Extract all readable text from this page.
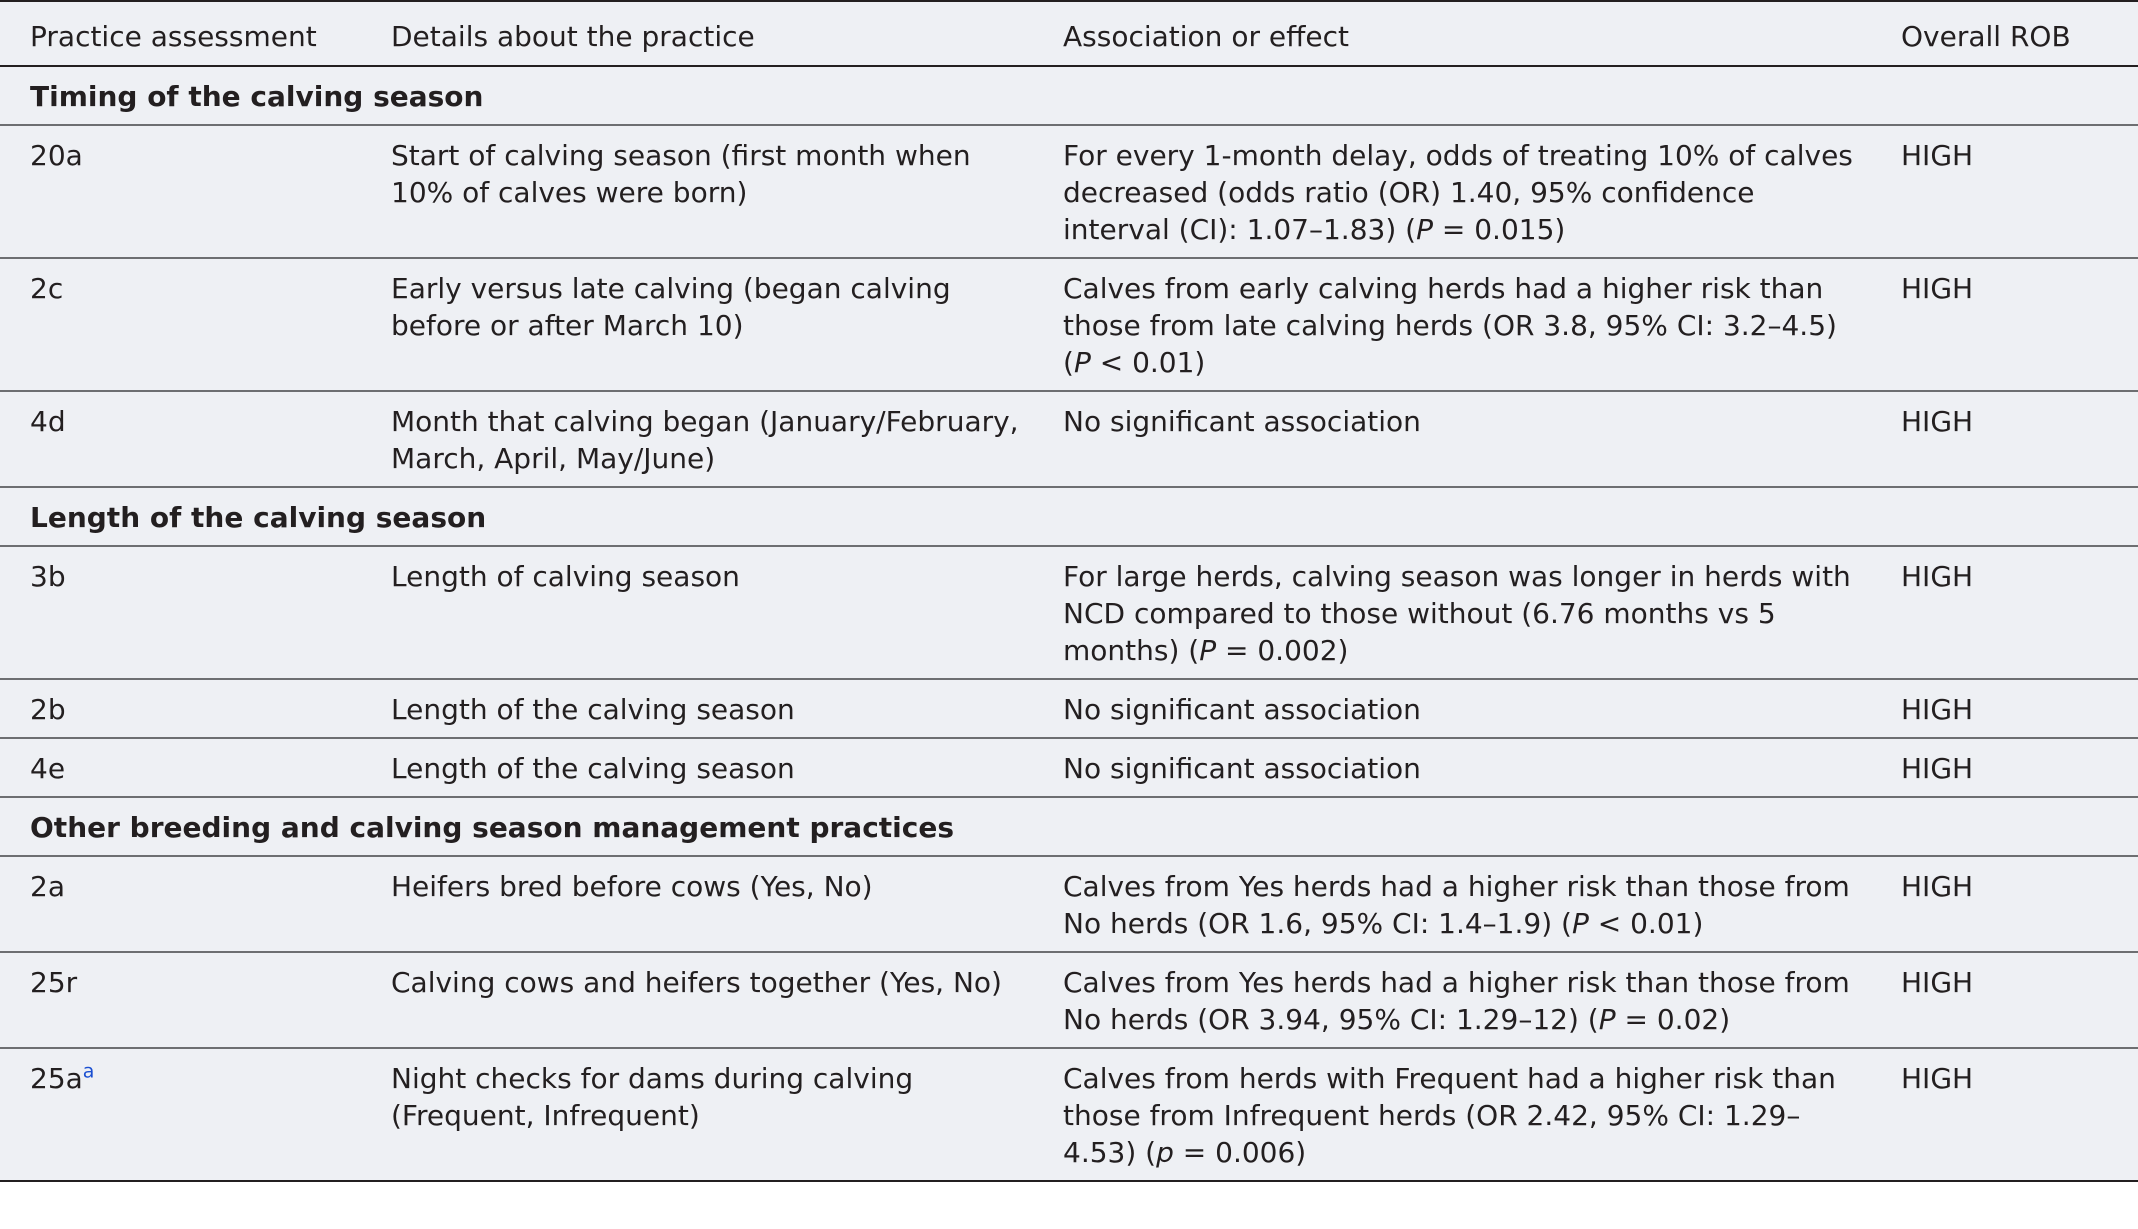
Practice assessment	Details about the practice	Association or effect	Overall ROB
Timing of the calving season			
20a	Start of calving season (first month when 10% of calves were born)	For every 1-month delay, odds of treating 10% of calves decreased (odds ratio (OR) 1.40, 95% confidence interval (CI): 1.07–1.83) (P = 0.015)	HIGH
2c	Early versus late calving (began calving before or after March 10)	Calves from early calving herds had a higher risk than those from late calving herds (OR 3.8, 95% CI: 3.2–4.5) (P < 0.01)	HIGH
4d	Month that calving began (January/February, March, April, May/June)	No significant association	HIGH
Length of the calving season			
3b	Length of calving season	For large herds, calving season was longer in herds with NCD compared to those without (6.76 months vs 5 months) (P = 0.002)	HIGH
2b	Length of the calving season	No significant association	HIGH
4e	Length of the calving season	No significant association	HIGH
Other breeding and calving season management practices			
2a	Heifers bred before cows (Yes, No)	Calves from Yes herds had a higher risk than those from No herds (OR 1.6, 95% CI: 1.4–1.9) (P < 0.01)	HIGH
25r	Calving cows and heifers together (Yes, No)	Calves from Yes herds had a higher risk than those from No herds (OR 3.94, 95% CI: 1.29–12) (P = 0.02)	HIGH
$25a^a$	Night checks for dams during calving (Frequent, Infrequent)	Calves from herds with Frequent had a higher risk than those from Infrequent herds (OR 2.42, 95% CI: 1.29–4.53) (p = 0.006)	HIGH
